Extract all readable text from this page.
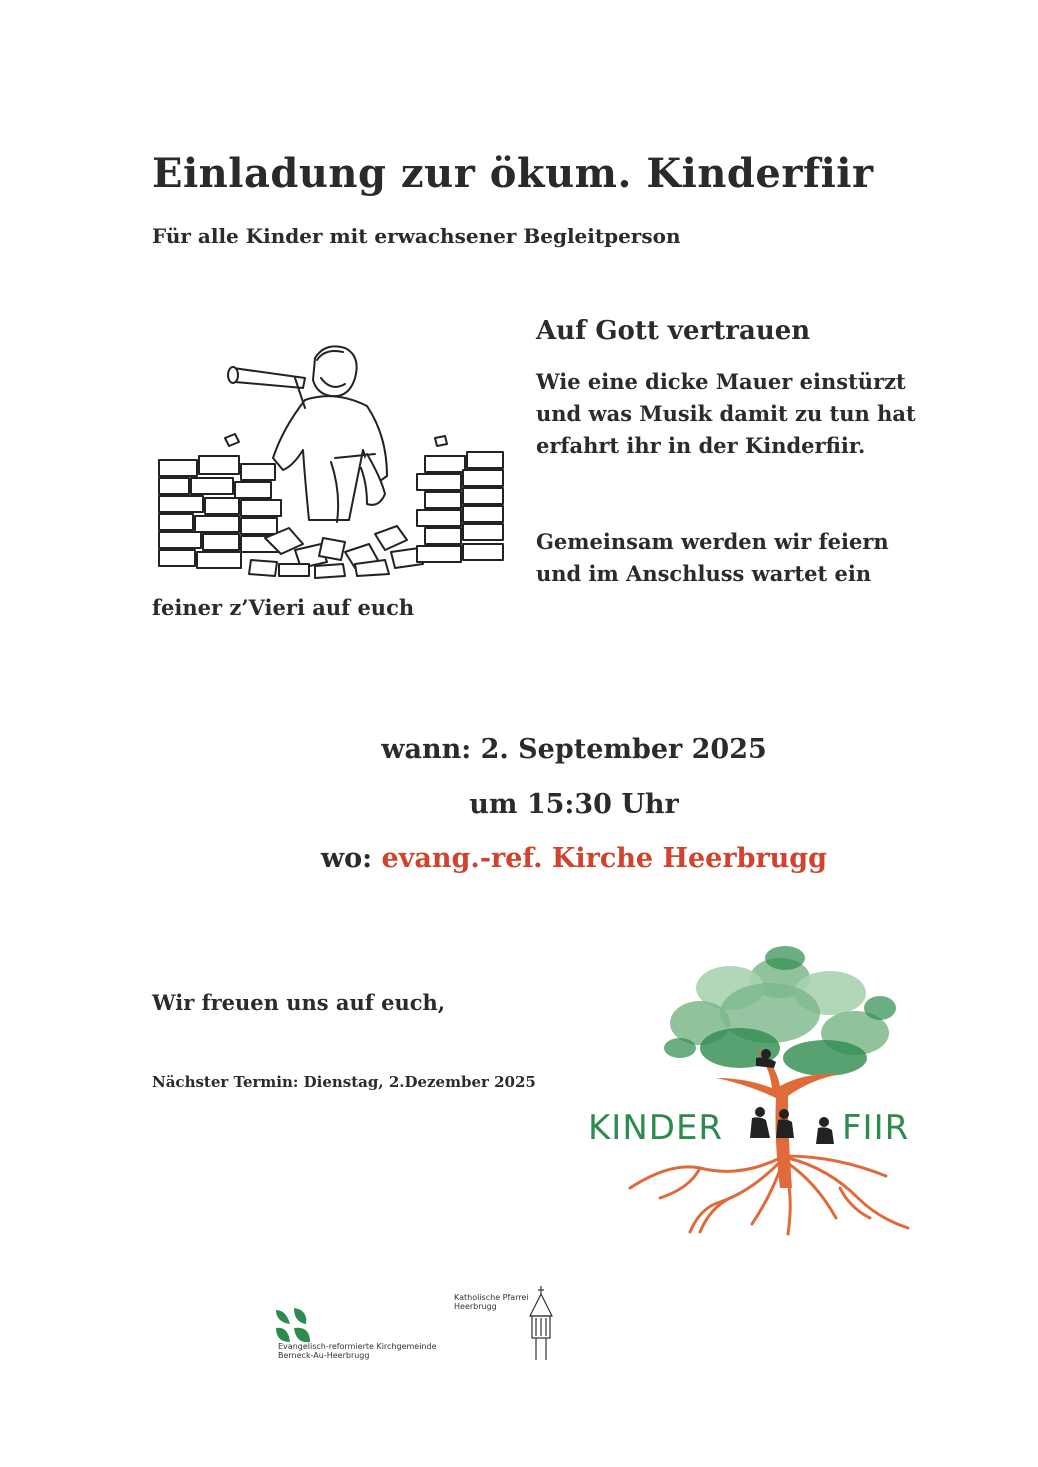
Einladung zur ökum. Kinderfiir
Für alle Kinder mit erwachsener Begleitperson
Auf Gott vertrauen
Wie eine dicke Mauer einstürzt
und was Musik damit zu tun hat
erfahrt ihr in der Kinderfiir.
Gemeinsam werden wir feiern
und im Anschluss wartet ein
feiner z’Vieri auf euch
wann: 2. September 2025
um 15:30 Uhr
wo: evang.-ref. Kirche Heerbrugg
Wir freuen uns auf euch,
Nächster Termin: Dienstag, 2.Dezember 2025
KINDER	FIIR
Evangelisch-reformierte Kirchgemeinde
Berneck-Au-Heerbrugg
Katholische Pfarrei
Heerbrugg
